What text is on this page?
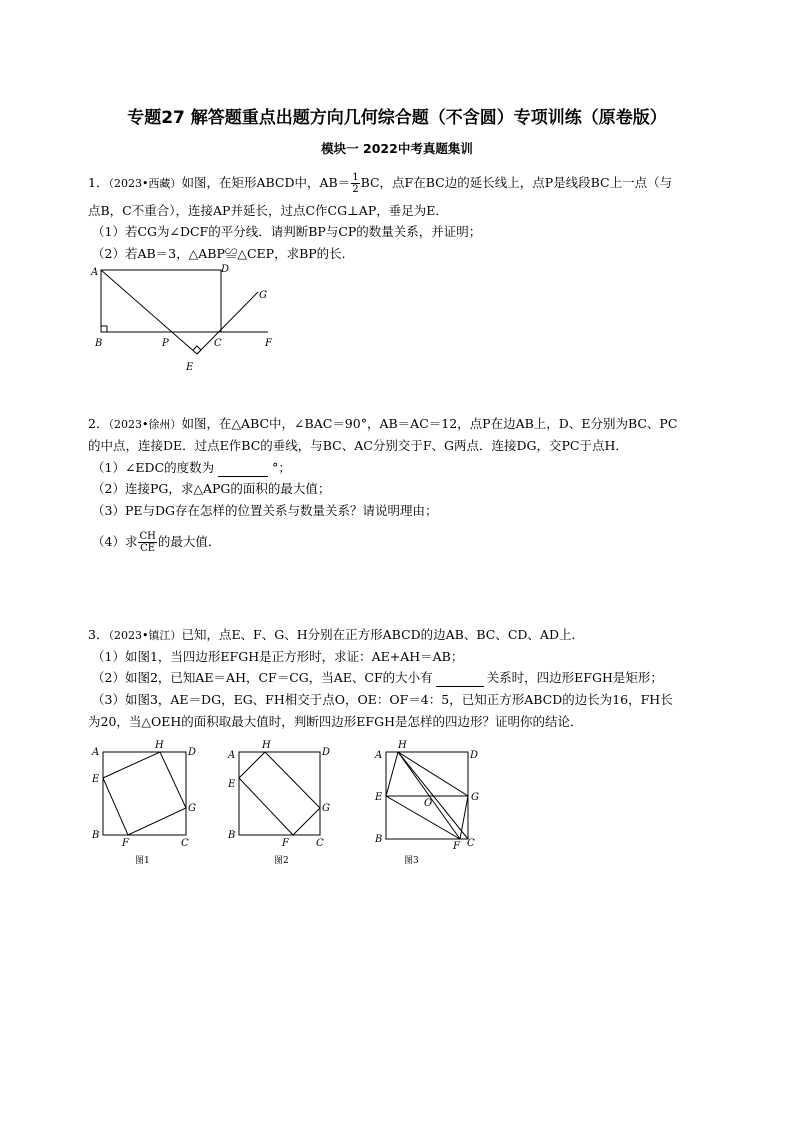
专题27 解答题重点出题方向几何综合题（不含圆）专项训练（原卷版）
模块一 2022中考真题集训
1．（2023•西藏）如图，在矩形ABCD中，$AB= \frac{1}{2}$ BC，点F在BC边的延长线上，点P是线段BC上一点（与
点B，C不重合），连接AP并延长，过点C作CG⊥AP，垂足为E．
（1）若CG为∠DCF的平分线．请判断BP与CP的数量关系，并证明；
（2）若AB＝3，△ABP≌△CEP，求BP的长．
A	D
G
B	P	C	F
E
2．（2023•徐州）如图，在△ABC中，∠BAC＝90°，AB＝AC＝12，点P在边AB上，D、E分别为BC、PC
的中点，连接DE．过点E作BC的垂线，与BC、AC分别交于F、G两点．连接DG，交PC于点H．
（1）∠EDC的度数为	°；
（2）连接PG，求△APG的面积的最大值；
（3）PE与DG存在怎样的位置关系与数量关系？请说明理由；
（4）求 $\frac{CH}{CE}$ 的最大值．
3．（2023•镇江）已知，点E、F、G、H分别在正方形ABCD的边AB、BC、CD、AD上．
（1）如图1，当四边形EFGH是正方形时，求证：AE+AH＝AB；
（2）如图2，已知AE＝AH，CF＝CG，当AE、CF的大小有	关系时，四边形EFGH是矩形；
（3）如图3，AE＝DG，EG、FH相交于点O，OE：OF＝4：5，已知正方形ABCD的边长为16，FH长
为20，当△OEH的面积取最大值时，判断四边形EFGH是怎样的四边形？证明你的结论．
A
H
D
E
G
B
F	C
图1
A
H
D
E
G
B
F	C
图2
A
H
D
E
O
G
B
F C
图3
